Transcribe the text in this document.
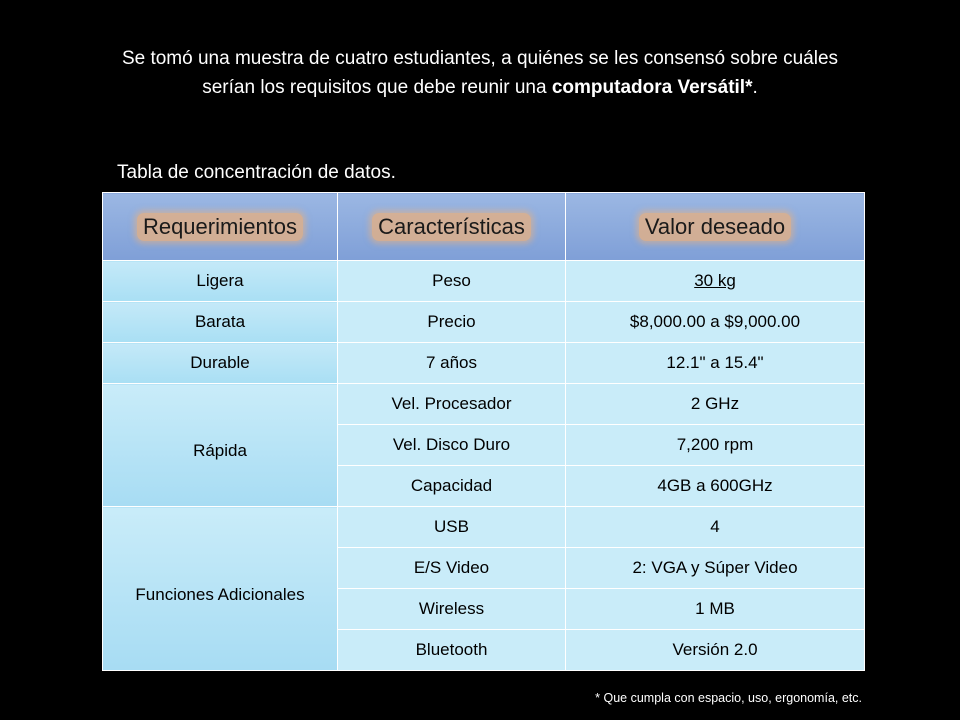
Se tomó una muestra de cuatro estudiantes, a quiénes se les consensó sobre cuáles serían los requisitos que debe reunir una computadora Versátil*.
Tabla de concentración de datos.
Requerimientos	Características	Valor deseado
Ligera	Peso	30 kg
Barata	Precio	$8,000.00 a $9,000.00
Durable	7 años	12.1" a 15.4"
Rápida	Vel. Procesador	2 GHz
	Vel. Disco Duro	7,200 rpm
	Capacidad	4GB a 600GHz
Funciones Adicionales	USB	4
	E/S Video	2: VGA y Súper Video
	Wireless	1 MB
	Bluetooth	Versión 2.0
* Que cumpla con espacio, uso, ergonomía, etc.
